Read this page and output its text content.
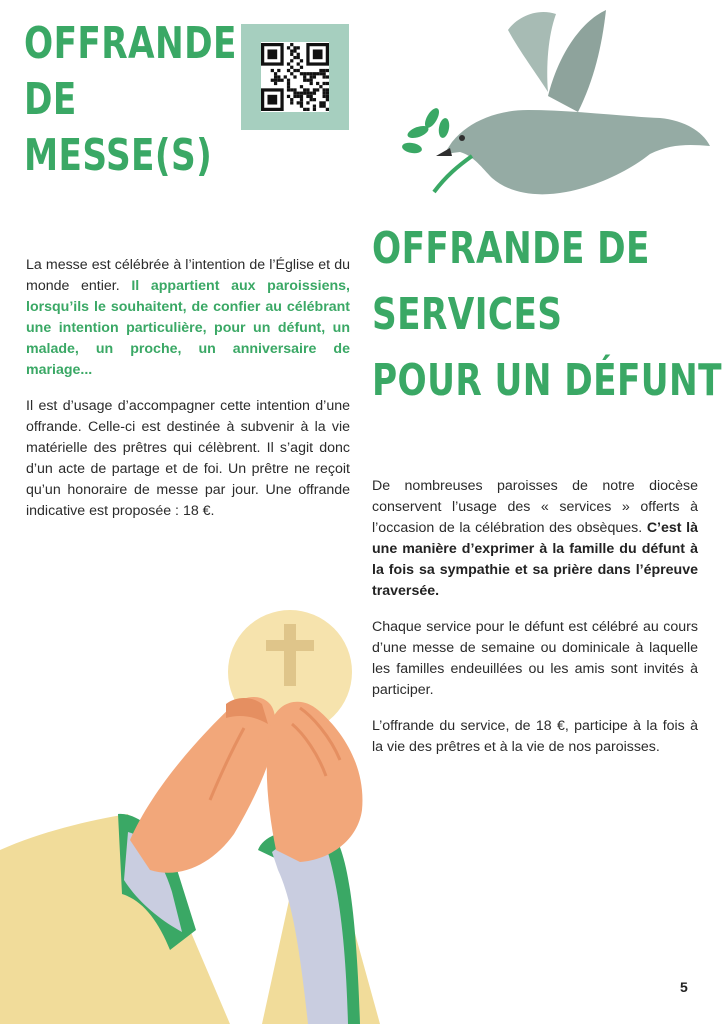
OFFRANDE
DE
MESSE(S)

La messe est célébrée à l’intention de l’Église et du monde entier. Il appartient aux paroissiens, lorsqu’ils le souhaitent, de confier au célébrant une intention particulière, pour un défunt, un malade, un proche, un anniversaire de mariage...

Il est d’usage d’accompagner cette intention d’une offrande. Celle-ci est destinée à subvenir à la vie matérielle des prêtres qui célèbrent. Il s’agit donc d’un acte de partage et de foi. Un prêtre ne reçoit qu’un honoraire de messe par jour. Une offrande indicative est proposée : 18 €.

OFFRANDE DE
SERVICES
POUR UN DÉFUNT

De nombreuses paroisses de notre diocèse conservent l’usage des « services » offerts à l’occasion de la célébration des obsèques. C’est là une manière d’exprimer à la famille du défunt à la fois sa sympathie et sa prière dans l’épreuve traversée.

Chaque service pour le défunt est célébré au cours d’une messe de semaine ou dominicale à laquelle les familles endeuillées ou les amis sont invités à participer.

L’offrande du service, de 18 €, participe à la fois à la vie des prêtres et à la vie de nos paroisses.

5
